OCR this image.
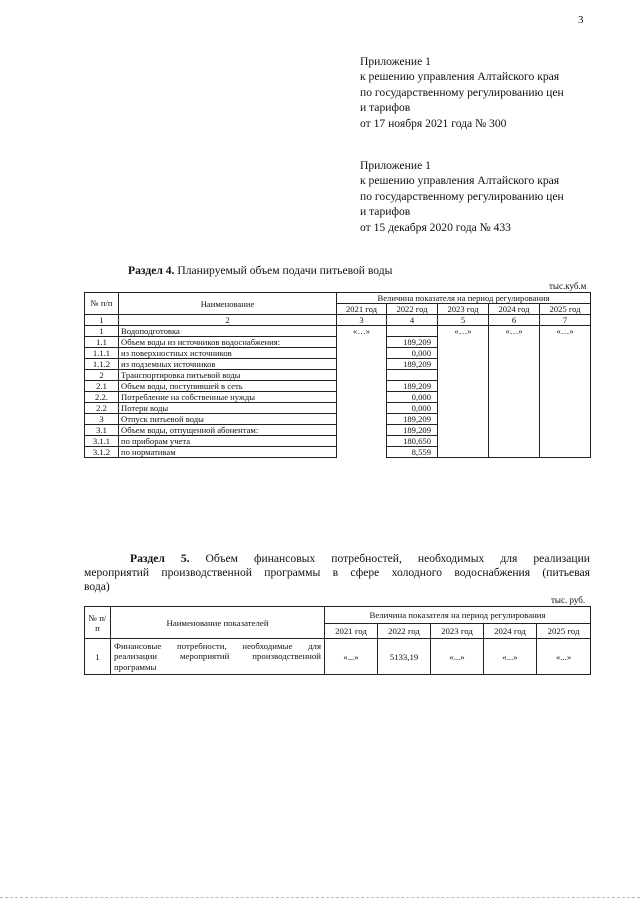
3
Приложение 1
к решению управления Алтайского края
по государственному регулированию цен
и тарифов
от 17 ноября 2021 года № 300
Приложение 1
к решению управления Алтайского края
по государственному регулированию цен
и тарифов
от 15 декабря 2020 года № 433
Раздел 4. Планируемый объем подачи питьевой воды
тыс.куб.м
№ п/п	Наименование	Величина показателя на период регулирования				
		2021 год	2022 год	2023 год	2024 год	2025 год
1	2	3	4	5	6	7
1	Водоподготовка	«…»		«…»	«…»	«…»
1.1	Объем воды из источников водоснабжения:		189,209			
1.1.1	из поверхностных источников		0,000			
1.1.2	из подземных источников		189,209			
2	Транспортировка питьевой воды					
2.1	Объем воды, поступившей в сеть		189,209			
2.2.	Потребление на собственные нужды		0,000			
2.2	Потери воды		0,000			
3	Отпуск питьевой воды		189,209			
3.1	Объем воды, отпущенной абонентам:		189,209			
3.1.1	по приборам учета		180,650			
3.1.2	по нормативам		8,559			
Раздел 5. Объем финансовых потребностей, необходимых для реализации
мероприятий производственной программы в сфере холодного водоснабжения (питьевая
вода)
тыс. руб.
№ п/п	Наименование показателей	Величина показателя на период регулирования				
		2021 год	2022 год	2023 год	2024 год	2025 год
1	Финансовые потребности, необходимые для реализации мероприятий производственной программы	«...»	5133,19	«...»	«...»	«...»
